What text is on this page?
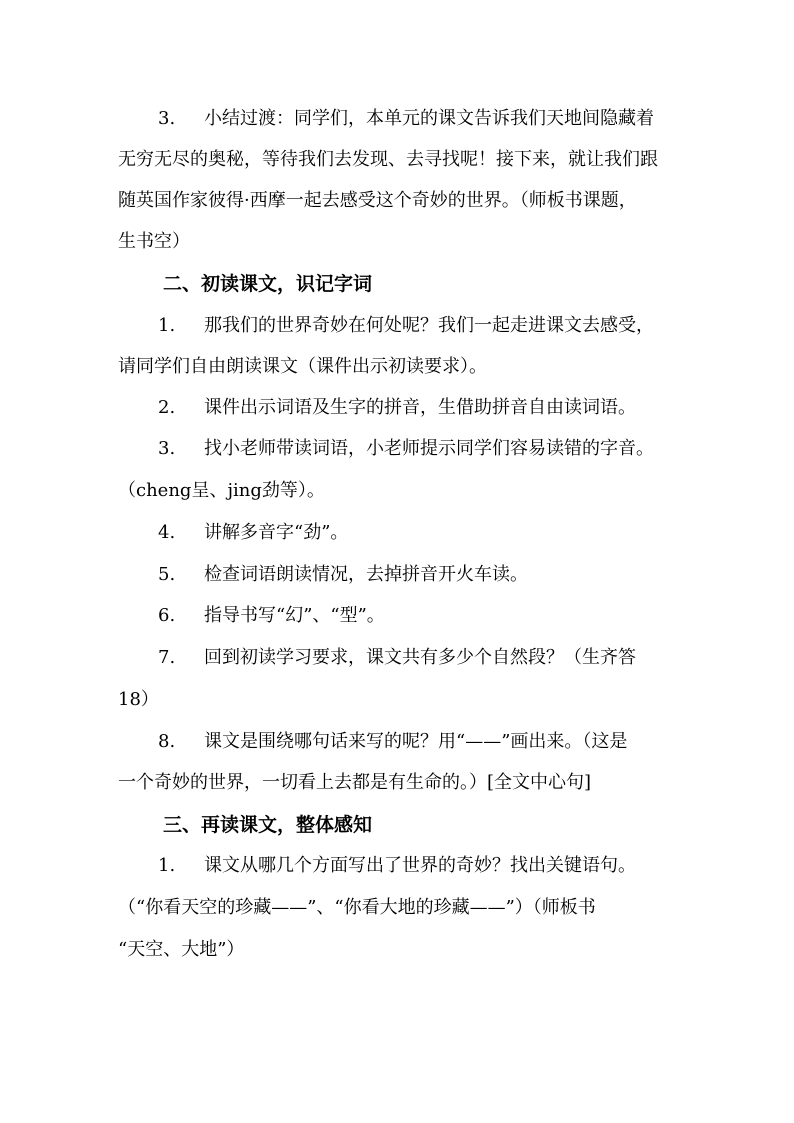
3. 小结过渡：同学们，本单元的课文告诉我们天地间隐藏着
无穷无尽的奥秘，等待我们去发现、去寻找呢！接下来，就让我们跟
随英国作家彼得·西摩一起去感受这个奇妙的世界。（师板书课题，
生书空）
二、初读课文，识记字词
1. 那我们的世界奇妙在何处呢？我们一起走进课文去感受，
请同学们自由朗读课文（课件出示初读要求）。
2. 课件出示词语及生字的拼音，生借助拼音自由读词语。
3. 找小老师带读词语，小老师提示同学们容易读错的字音。
（cheng呈、jing劲等）。
4. 讲解多音字“劲”。
5. 检查词语朗读情况，去掉拼音开火车读。
6. 指导书写“幻”、“型”。
7. 回到初读学习要求，课文共有多少个自然段？（生齐答
18）
8. 课文是围绕哪句话来写的呢？用“——”画出来。（这是
一个奇妙的世界，一切看上去都是有生命的。）[全文中心句]
三、再读课文，整体感知
1. 课文从哪几个方面写出了世界的奇妙？找出关键语句。
（“你看天空的珍藏——”、“你看大地的珍藏——”）（师板书
“天空、大地”）
